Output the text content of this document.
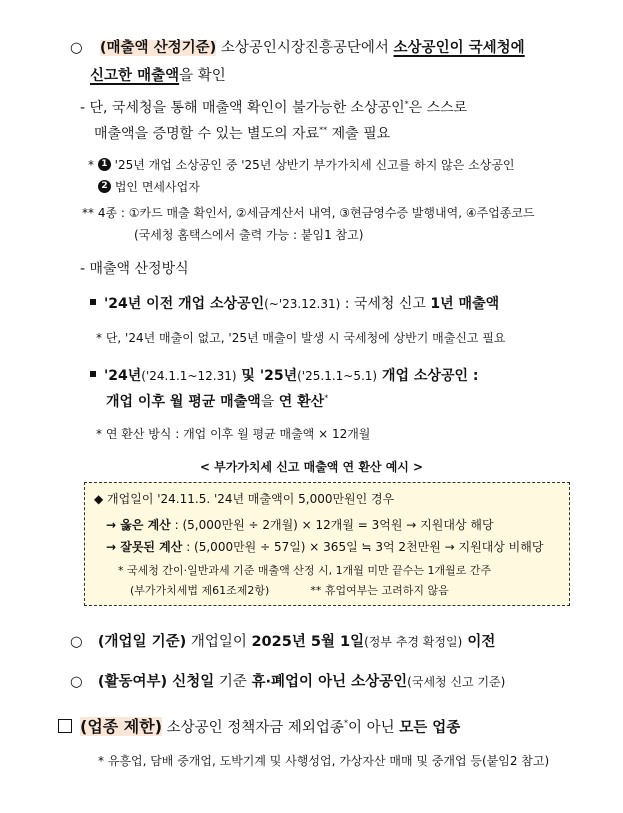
○ (매출액 산정기준) 소상공인시장진흥공단에서 소상공인이 국세청에
신고한 매출액을 확인
- 단, 국세청을 통해 매출액 확인이 불가능한 소상공인*은 스스로
매출액을 증명할 수 있는 별도의 자료** 제출 필요
* 1 '25년 개업 소상공인 중 '25년 상반기 부가가치세 신고를 하지 않은 소상공인
2 법인 면세사업자
** 4종 : ①카드 매출 확인서, ②세금계산서 내역, ③현금영수증 발행내역, ④주업종코드
(국세청 홈택스에서 출력 가능 : 붙임1 참고)
- 매출액 산정방식
'24년 이전 개업 소상공인(~'23.12.31) : 국세청 신고 1년 매출액
* 단, '24년 매출이 없고, '25년 매출이 발생 시 국세청에 상반기 매출신고 필요
'24년('24.1.1~12.31) 및 '25년('25.1.1~5.1) 개업 소상공인 :
개업 이후 월 평균 매출액을 연 환산*
* 연 환산 방식 : 개업 이후 월 평균 매출액 × 12개월
< 부가가치세 신고 매출액 연 환산 예시 >
◆ 개업일이 '24.11.5. '24년 매출액이 5,000만원인 경우
→ 옳은 계산 : (5,000만원 ÷ 2개월) × 12개월 = 3억원 → 지원대상 해당
→ 잘못된 계산 : (5,000만원 ÷ 57일) × 365일 ≒ 3억 2천만원 → 지원대상 비해당
* 국세청 간이·일반과세 기준 매출액 산정 시, 1개월 미만 끝수는 1개월로 간주
(부가가치세법 제61조제2항)	** 휴업여부는 고려하지 않음
○ (개업일 기준) 개업일이 2025년 5월 1일(정부 추경 확정일) 이전
○ (활동여부) 신청일 기준 휴·폐업이 아닌 소상공인(국세청 신고 기준)
(업종 제한) 소상공인 정책자금 제외업종*이 아닌 모든 업종
* 유흥업, 담배 중개업, 도박기계 및 사행성업, 가상자산 매매 및 중개업 등(붙임2 참고)
